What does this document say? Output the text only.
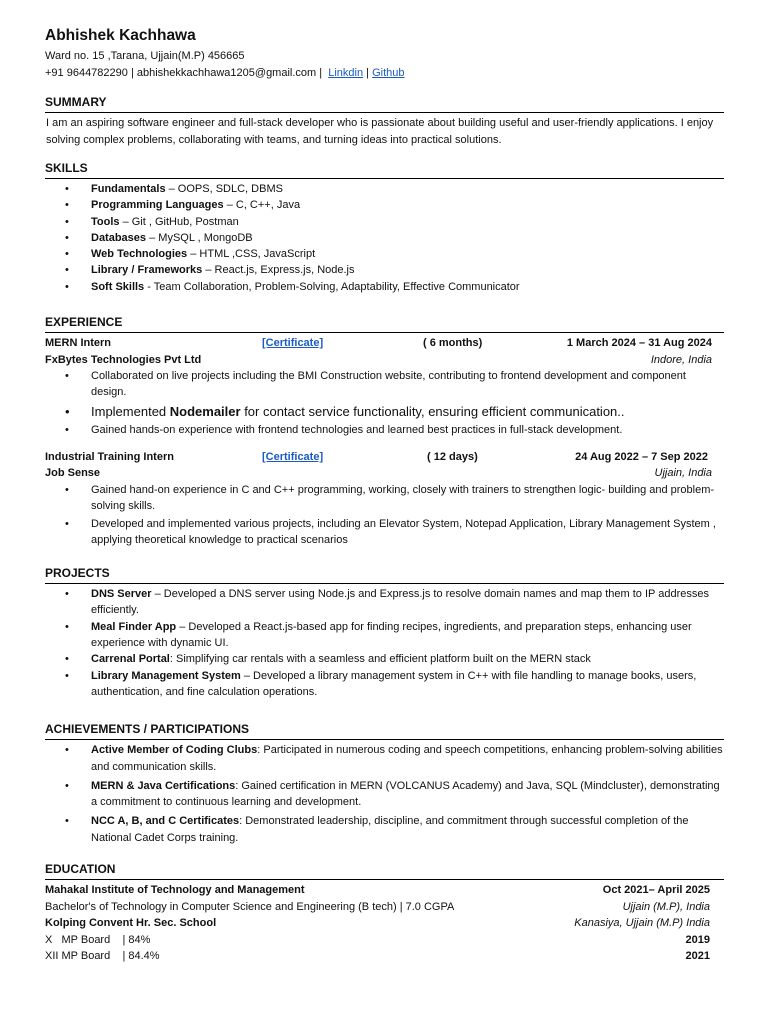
Abhishek Kachhawa
Ward no. 15 ,Tarana, Ujjain(M.P) 456665
+91 9644782290 | abhishekkachhawa1205@gmail.com |  Linkdin | Github
SUMMARY
I am an aspiring software engineer and full-stack developer who is passionate about building useful and user-friendly applications. I enjoy solving complex problems, collaborating with teams, and turning ideas into practical solutions.
SKILLS
• Fundamentals – OOPS, SDLC, DBMS
• Programming Languages – C, C++, Java
• Tools – Git , GitHub, Postman
• Databases – MySQL , MongoDB
• Web Technologies – HTML ,CSS, JavaScript
• Library / Frameworks – React.js, Express.js, Node.js
• Soft Skills - Team Collaboration, Problem-Solving, Adaptability, Effective Communicator
EXPERIENCE
MERN Intern	[Certificate]	( 6 months)	1 March 2024 – 31 Aug 2024
FxBytes Technologies Pvt Ltd	Indore, India
• Collaborated on live projects including the BMI Construction website, contributing to frontend development and component design.
• Implemented Nodemailer for contact service functionality, ensuring efficient communication..
• Gained hands-on experience with frontend technologies and learned best practices in full-stack development.
Industrial Training Intern	[Certificate]	( 12 days)	24 Aug 2022 – 7 Sep 2022
Job Sense	Ujjain, India
• Gained hand-on experience in C and C++ programming, working, closely with trainers to strengthen logic- building and problem-solving skills.
• Developed and implemented various projects, including an Elevator System, Notepad Application, Library Management System , applying theoretical knowledge to practical scenarios
PROJECTS
• DNS Server – Developed a DNS server using Node.js and Express.js to resolve domain names and map them to IP addresses efficiently.
• Meal Finder App – Developed a React.js-based app for finding recipes, ingredients, and preparation steps, enhancing user experience with dynamic UI.
• Carrenal Portal: Simplifying car rentals with a seamless and efficient platform built on the MERN stack
• Library Management System – Developed a library management system in C++ with file handling to manage books, users, authentication, and fine calculation operations.
ACHIEVEMENTS / PARTICIPATIONS
• Active Member of Coding Clubs: Participated in numerous coding and speech competitions, enhancing problem-solving abilities and communication skills.
• MERN & Java Certifications: Gained certification in MERN (VOLCANUS Academy) and Java, SQL (Mindcluster), demonstrating a commitment to continuous learning and development.
• NCC A, B, and C Certificates: Demonstrated leadership, discipline, and commitment through successful completion of the National Cadet Corps training.
EDUCATION
Mahakal Institute of Technology and Management	Oct 2021– April 2025
Bachelor's of Technology in Computer Science and Engineering (B tech) | 7.0 CGPA	Ujjain (M.P), India
Kolping Convent Hr. Sec. School	Kanasiya, Ujjain (M.P) India
X   MP Board    | 84%	2019
XII MP Board    | 84.4%	2021
